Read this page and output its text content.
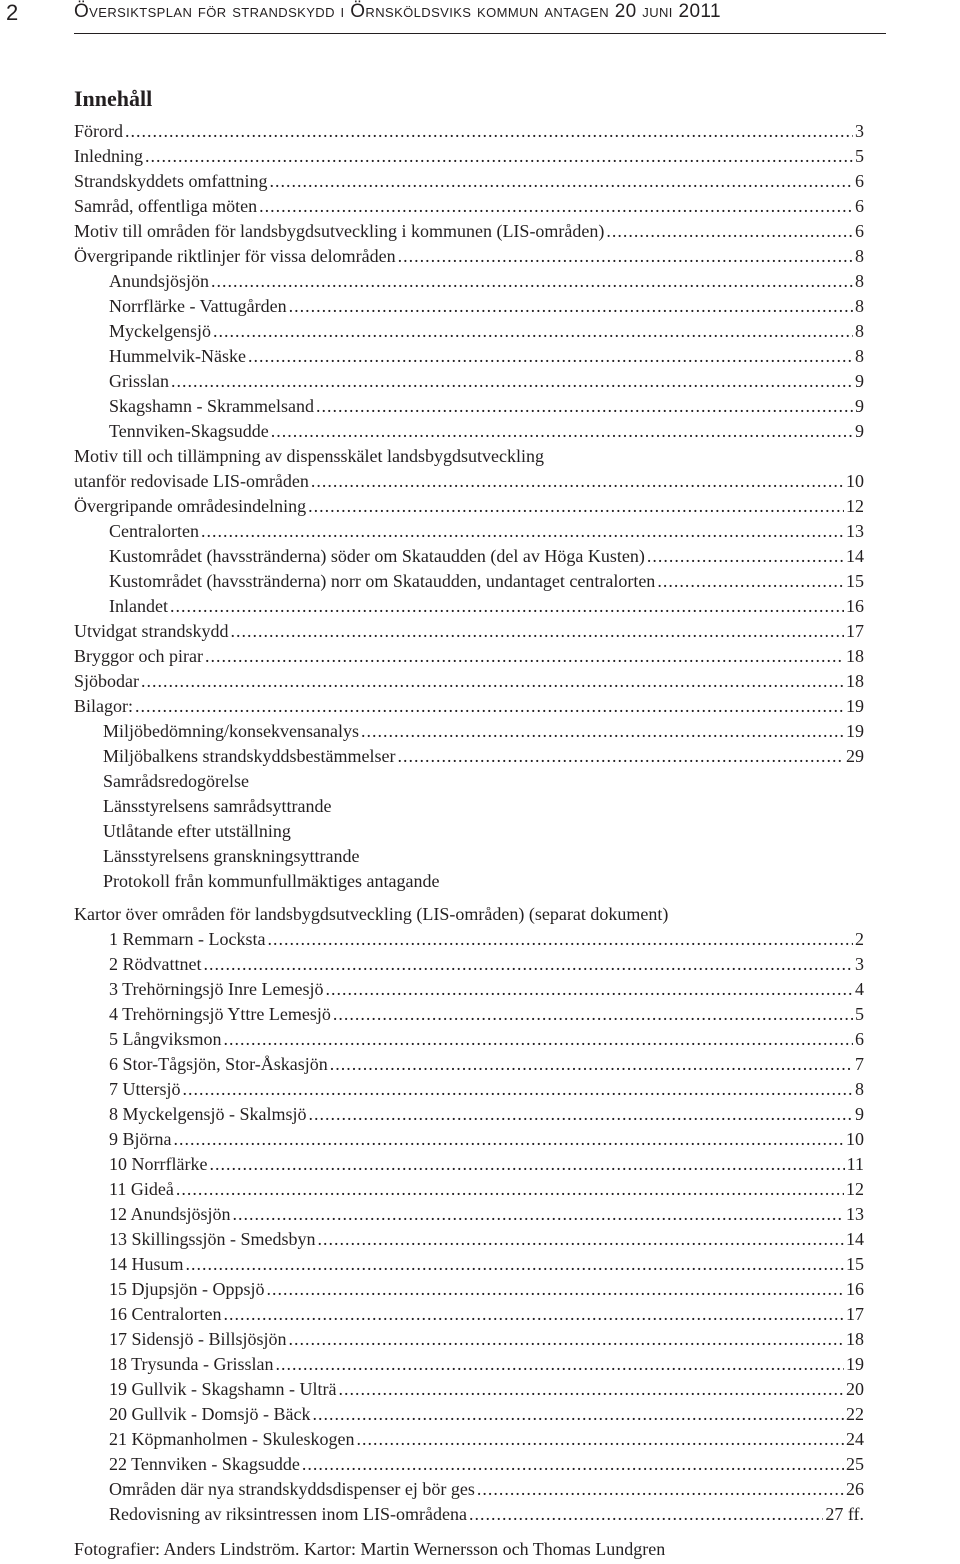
2	Översiktsplan för strandskydd i Örnsköldsviks kommun antagen 20 juni 2011
Innehåll
Förord .....	3
Inledning .....	5
Strandskyddets omfattning .....	6
Samråd, offentliga möten .....	6
Motiv till områden för landsbygdsutveckling i kommunen (LIS-områden) .....	6
Övergripande riktlinjer för vissa delområden .....	8
Anundsjösjön .....	8
Norrflärke - Vattugården .....	8
Myckelgensjö .....	8
Hummelvik-Näske .....	8
Grisslan .....	9
Skagshamn - Skrammelsand .....	9
Tennviken-Skagsudde .....	9
Motiv till och tillämpning av dispensskälet landsbygdsutveckling
utanför redovisade LIS-områden .....	10
Övergripande områdesindelning .....	12
Centralorten .....	13
Kustområdet (havsstränderna) söder om Skataudden (del av Höga Kusten) .....	14
Kustområdet (havsstränderna) norr om Skataudden, undantaget centralorten .....	15
Inlandet .....	16
Utvidgat strandskydd .....	17
Bryggor och pirar .....	18
Sjöbodar .....	18
Bilagor: .....	19
Miljöbedömning/konsekvensanalys .....	19
Miljöbalkens strandskyddsbestämmelser .....	29
Samrådsredogörelse
Länsstyrelsens samrådsyttrande
Utlåtande efter utställning
Länsstyrelsens granskningsyttrande
Protokoll från kommunfullmäktiges antagande
Kartor över områden för landsbygdsutveckling (LIS-områden) (separat dokument)
1 Remmarn - Locksta .....	2
2 Rödvattnet .....	3
3 Trehörningsjö Inre Lemesjö .....	4
4 Trehörningsjö Yttre Lemesjö .....	5
5 Långviksmon .....	6
6 Stor-Tågsjön, Stor-Åskasjön .....	7
7 Uttersjö .....	8
8 Myckelgensjö - Skalmsjö .....	9
9 Björna .....	10
10 Norrflärke .....	11
11 Gideå .....	12
12 Anundsjösjön .....	13
13 Skillingssjön - Smedsbyn .....	14
14 Husum .....	15
15 Djupsjön - Oppsjö .....	16
16 Centralorten .....	17
17 Sidensjö - Billsjösjön .....	18
18 Trysunda - Grisslan .....	19
19 Gullvik - Skagshamn - Ulträ .....	20
20 Gullvik - Domsjö - Bäck .....	22
21 Köpmanholmen - Skuleskogen .....	24
22 Tennviken - Skagsudde .....	25
Områden där nya strandskyddsdispenser ej bör ges .....	26
Redovisning av riksintressen inom LIS-områdena .....	27 ff.
Fotografier: Anders Lindström. Kartor: Martin Wernersson och Thomas Lundgren
